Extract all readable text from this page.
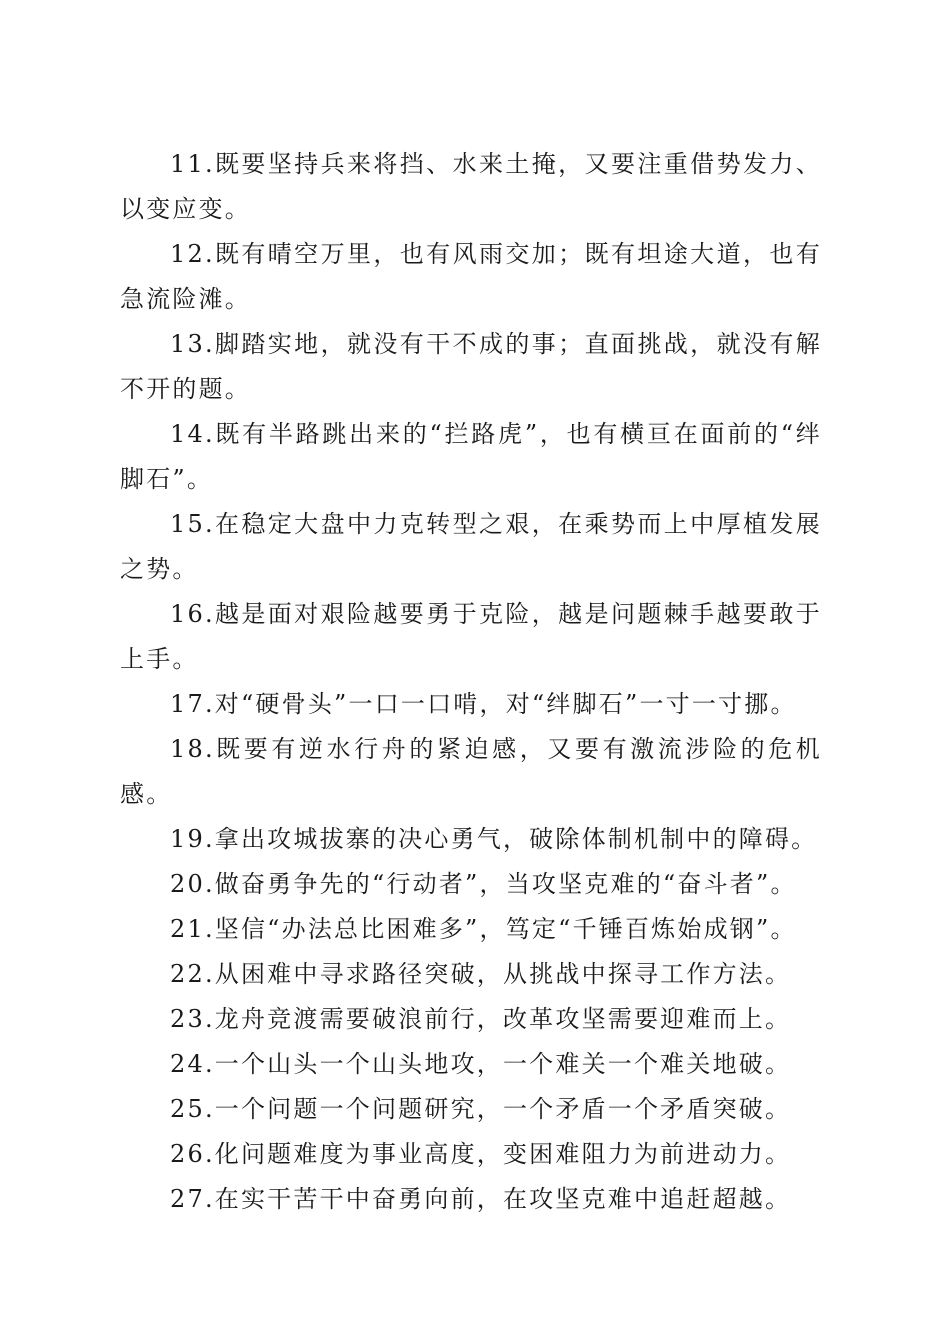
11.既要坚持兵来将挡、水来土掩，又要注重借势发力、以变应变。

12.既有晴空万里，也有风雨交加；既有坦途大道，也有急流险滩。

13.脚踏实地，就没有干不成的事；直面挑战，就没有解不开的题。

14.既有半路跳出来的“拦路虎”，也有横亘在面前的“绊脚石”。

15.在稳定大盘中力克转型之艰，在乘势而上中厚植发展之势。

16.越是面对艰险越要勇于克险，越是问题棘手越要敢于上手。

17.对“硬骨头”一口一口啃，对“绊脚石”一寸一寸挪。

18.既要有逆水行舟的紧迫感，又要有激流涉险的危机感。

19.拿出攻城拔寨的决心勇气，破除体制机制中的障碍。

20.做奋勇争先的“行动者”，当攻坚克难的“奋斗者”。

21.坚信“办法总比困难多”，笃定“千锤百炼始成钢”。

22.从困难中寻求路径突破，从挑战中探寻工作方法。

23.龙舟竞渡需要破浪前行，改革攻坚需要迎难而上。

24.一个山头一个山头地攻，一个难关一个难关地破。

25.一个问题一个问题研究，一个矛盾一个矛盾突破。

26.化问题难度为事业高度，变困难阻力为前进动力。

27.在实干苦干中奋勇向前，在攻坚克难中追赶超越。
